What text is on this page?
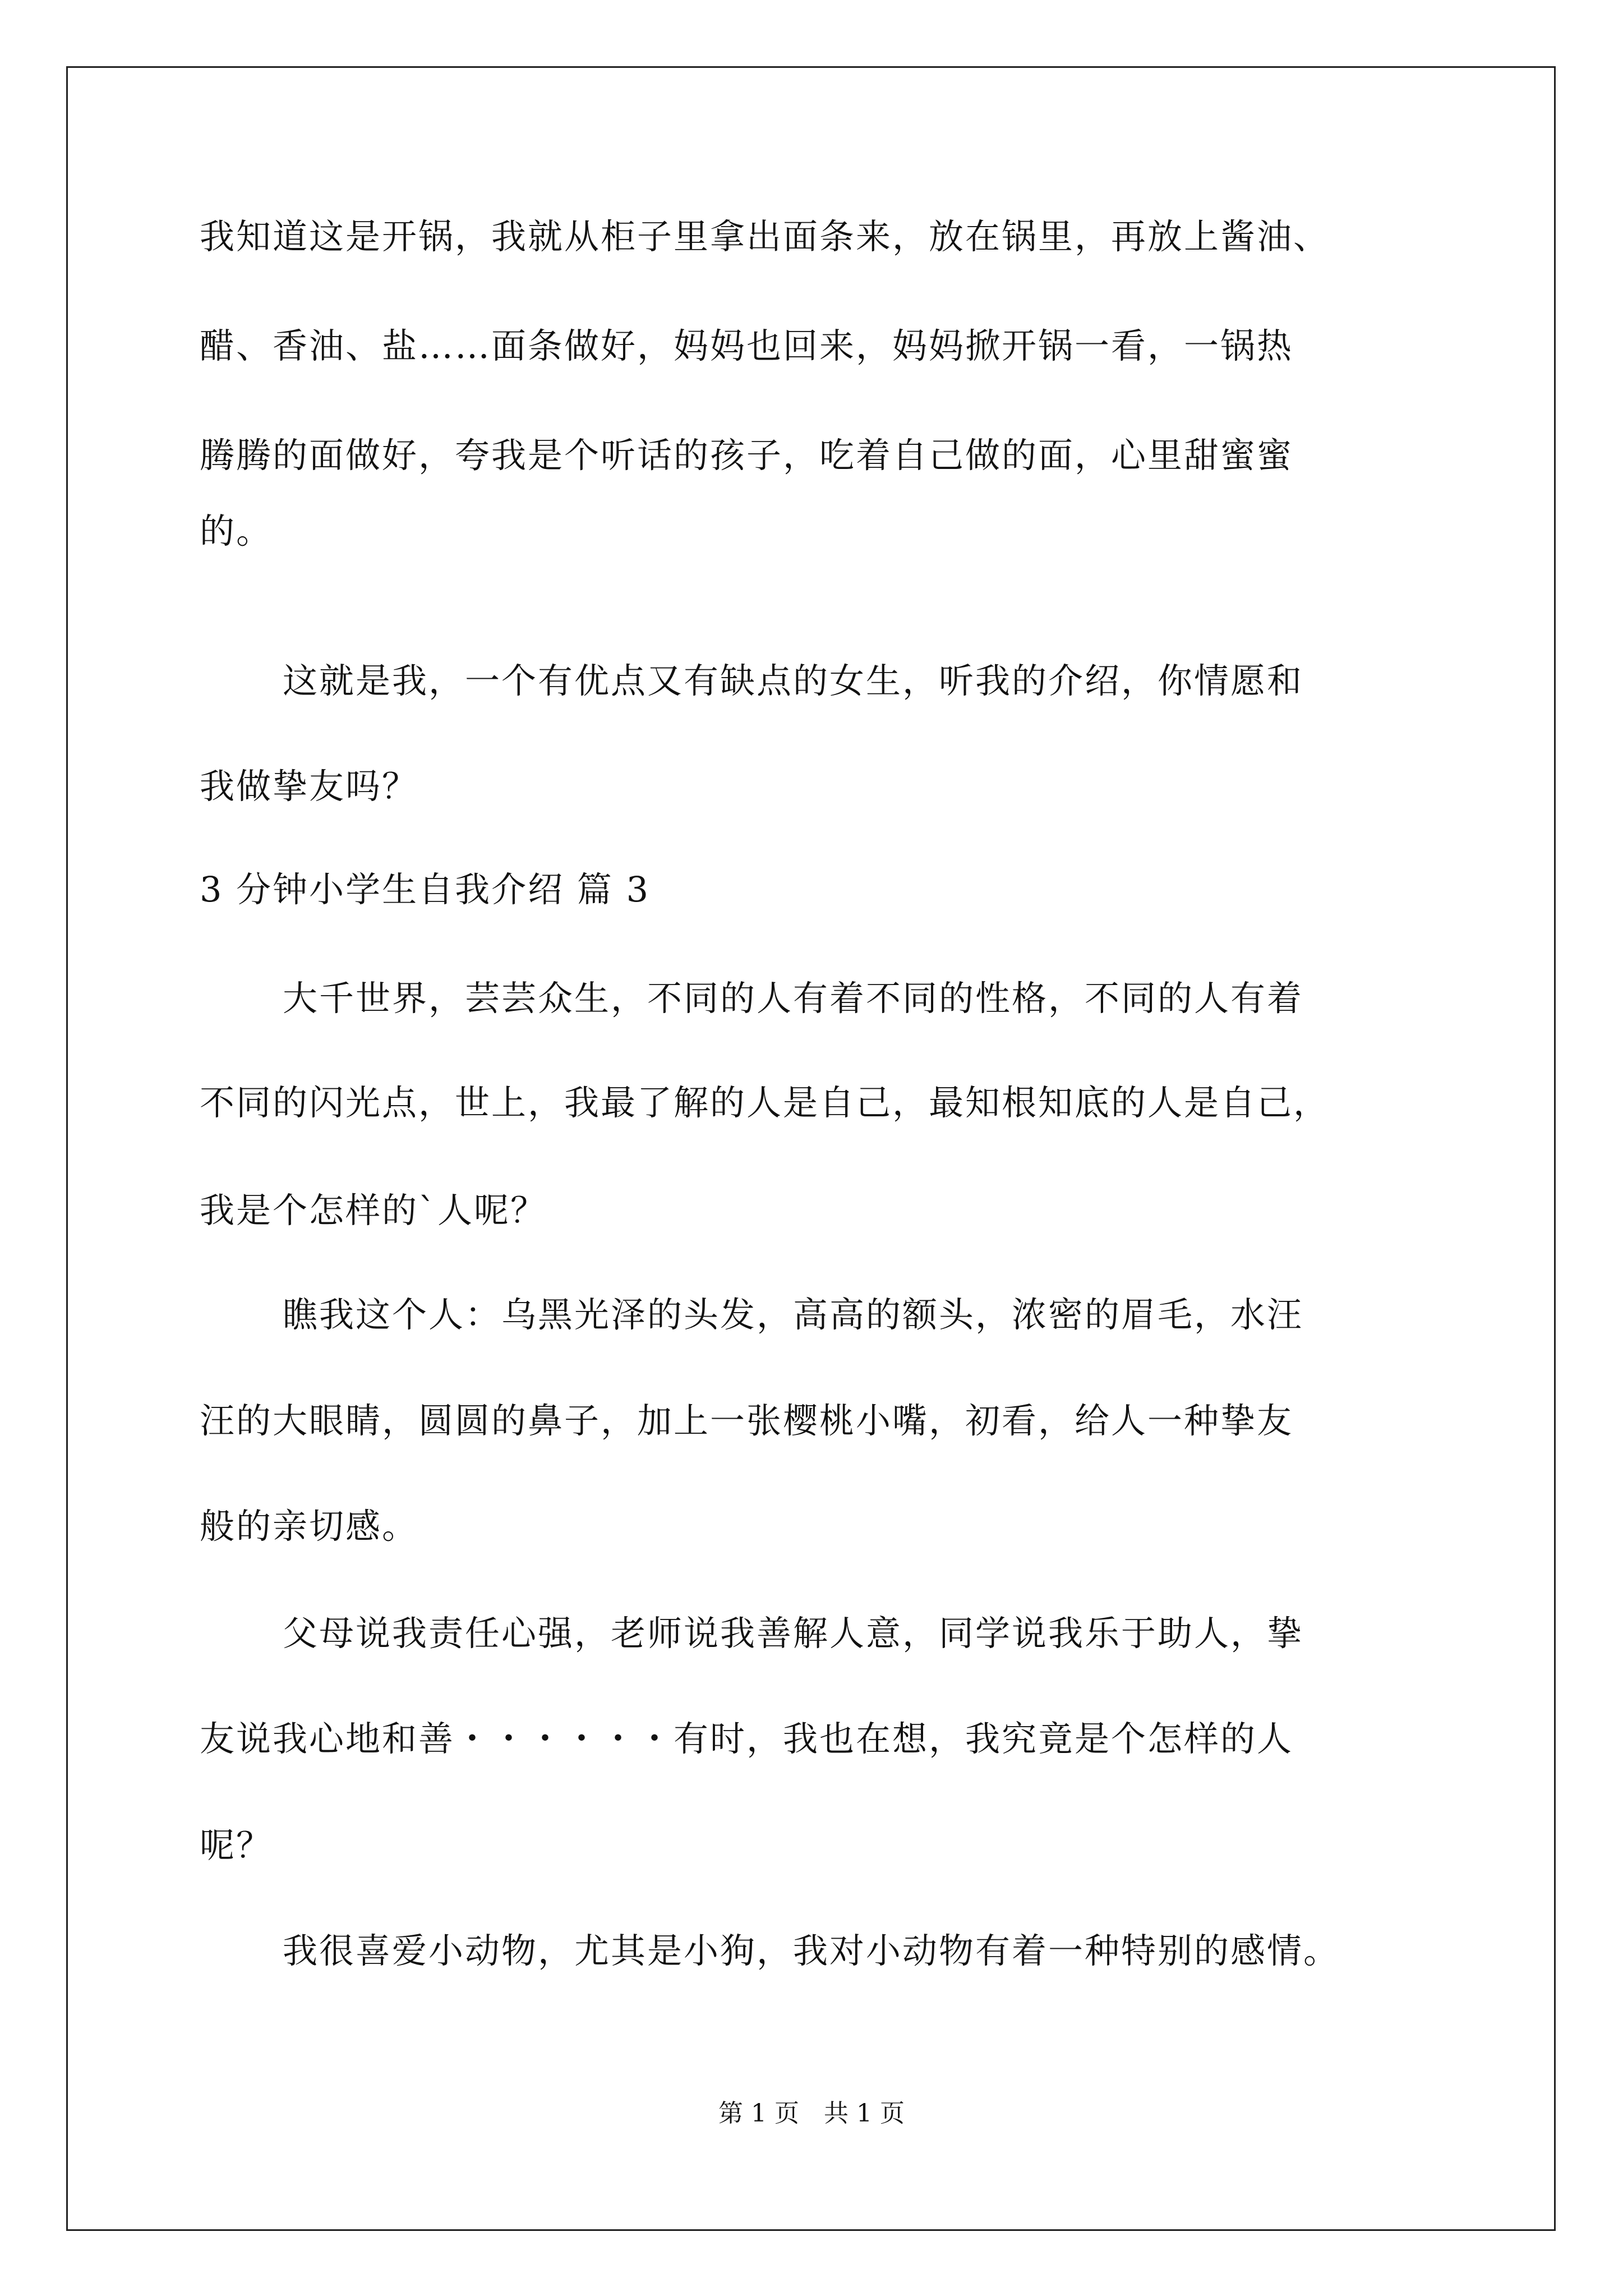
我知道这是开锅，我就从柜子里拿出面条来，放在锅里，再放上酱油、
醋、香油、盐……面条做好，妈妈也回来，妈妈掀开锅一看，一锅热
腾腾的面做好，夸我是个听话的孩子，吃着自己做的面，心里甜蜜蜜
的。
这就是我，一个有优点又有缺点的女生，听我的介绍，你情愿和
我做挚友吗？
3 分钟小学生自我介绍 篇 3
大千世界，芸芸众生，不同的人有着不同的性格，不同的人有着
不同的闪光点，世上，我最了解的人是自己，最知根知底的人是自己，
我是个怎样的`人呢？
瞧我这个人：乌黑光泽的头发，高高的额头，浓密的眉毛，水汪
汪的大眼睛，圆圆的鼻子，加上一张樱桃小嘴，初看，给人一种挚友
般的亲切感。
父母说我责任心强，老师说我善解人意，同学说我乐于助人，挚
友说我心地和善・・・・・・有时，我也在想，我究竟是个怎样的人
呢？
我很喜爱小动物，尤其是小狗，我对小动物有着一种特别的感情。
第 1 页　共 1 页
